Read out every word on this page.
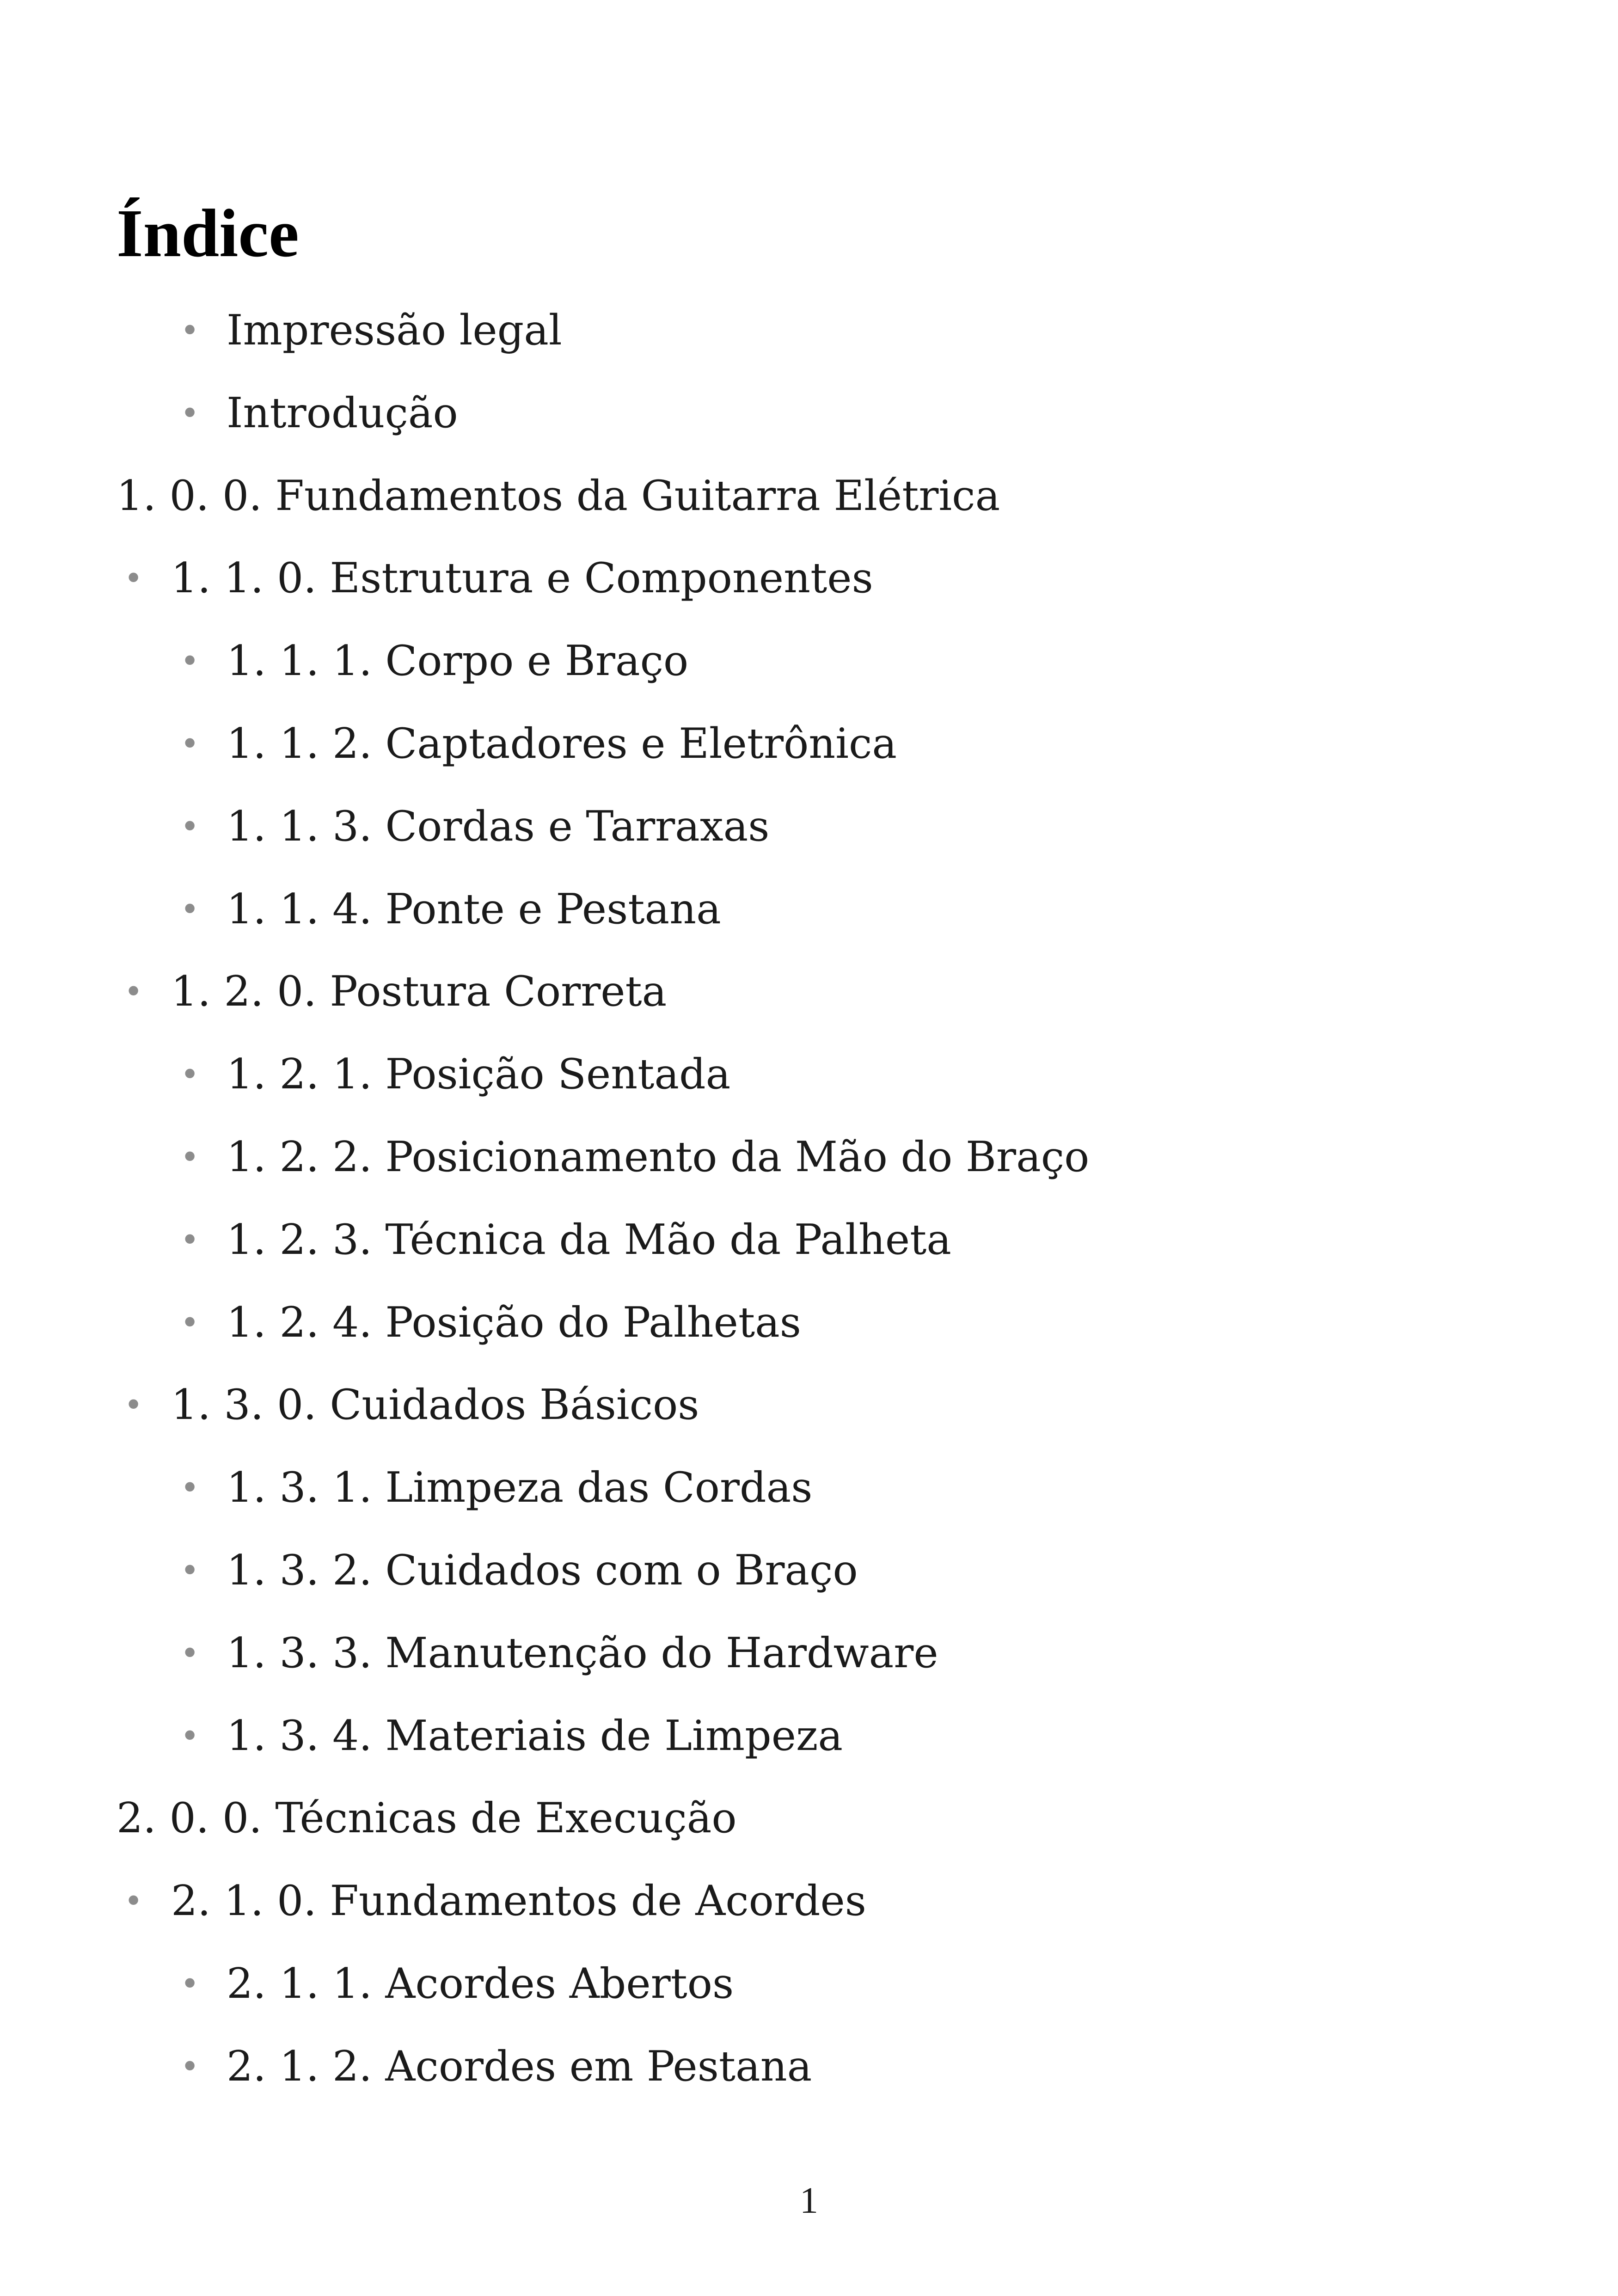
Índice
• Impressão legal
• Introdução
1. 0. 0. Fundamentos da Guitarra Elétrica
• 1. 1. 0. Estrutura e Componentes
• 1. 1. 1. Corpo e Braço
• 1. 1. 2. Captadores e Eletrônica
• 1. 1. 3. Cordas e Tarraxas
• 1. 1. 4. Ponte e Pestana
• 1. 2. 0. Postura Correta
• 1. 2. 1. Posição Sentada
• 1. 2. 2. Posicionamento da Mão do Braço
• 1. 2. 3. Técnica da Mão da Palheta
• 1. 2. 4. Posição do Palhetas
• 1. 3. 0. Cuidados Básicos
• 1. 3. 1. Limpeza das Cordas
• 1. 3. 2. Cuidados com o Braço
• 1. 3. 3. Manutenção do Hardware
• 1. 3. 4. Materiais de Limpeza
2. 0. 0. Técnicas de Execução
• 2. 1. 0. Fundamentos de Acordes
• 2. 1. 1. Acordes Abertos
• 2. 1. 2. Acordes em Pestana
1
